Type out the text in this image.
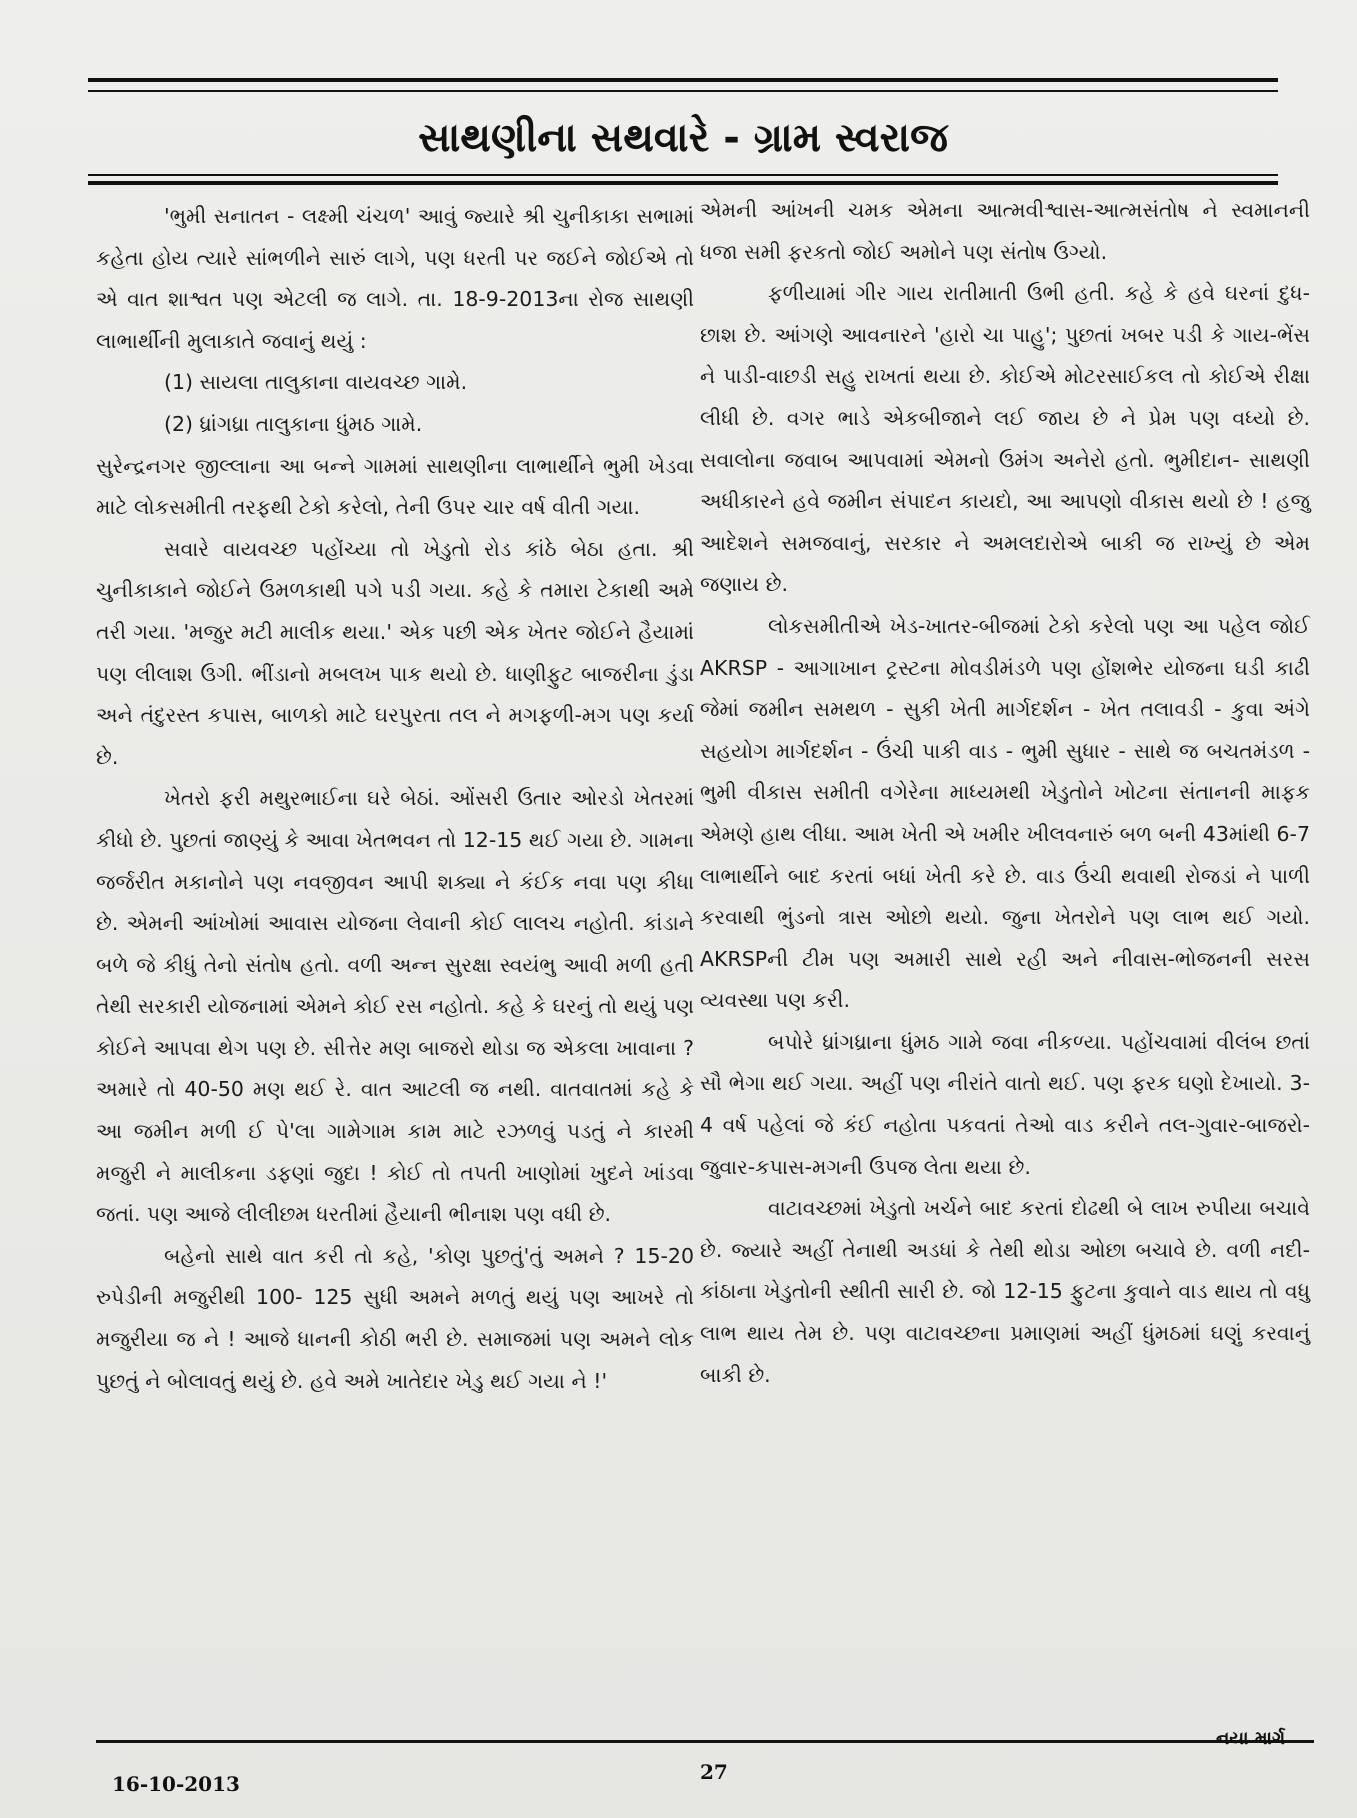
સાથણીના સથવારે - ગ્રામ સ્વરાજ

'ભુમી સનાતન - લક્ષ્મી ચંચળ' આવું જ્યારે શ્રી ચુનીકાકા સભામાં કહેતા હોય ત્યારે સાંભળીને સારું લાગે, પણ ધરતી પર જઈને જોઈએ તો એ વાત શાશ્વત પણ એટલી જ લાગે. તા. 18-9-2013ના રોજ સાથણી લાભાર્થીની મુલાકાતે જવાનું થયું :

(1) સાયલા તાલુકાના વાયવચ્છ ગામે.

(2) ધ્રાંગધ્રા તાલુકાના ધુંમઠ ગામે.

સુરેન્દ્રનગર જીલ્લાના આ બન્ને ગામમાં સાથણીના લાભાર્થીને ભુમી ખેડવા માટે લોકસમીતી તરફથી ટેકો કરેલો, તેની ઉપર ચાર વર્ષ વીતી ગયા.

સવારે વાયવચ્છ પહોંચ્યા તો ખેડુતો રોડ કાંઠે બેઠા હતા. શ્રી ચુનીકાકાને જોઈને ઉમળકાથી પગે પડી ગયા. કહે કે તમારા ટેકાથી અમે તરી ગયા. 'મજુર મટી માલીક થયા.' એક પછી એક ખેતર જોઈને હૈયામાં પણ લીલાશ ઉગી. ભીંડાનો મબલખ પાક થયો છે. ધાણીફુટ બાજરીના ડુંડા અને તંદુરસ્ત કપાસ, બાળકો માટે ઘરપુરતા તલ ને મગફળી-મગ પણ કર્યા છે.

ખેતરો ફરી મથુરભાઈના ઘરે બેઠાં. ઓંસરી ઉતાર ઓરડો ખેતરમાં કીધો છે. પુછતાં જાણ્યું કે આવા ખેતભવન તો 12-15 થઈ ગયા છે. ગામના જર્જરીત મકાનોને પણ નવજીવન આપી શક્યા ને કંઈક નવા પણ કીધા છે. એમની આંખોમાં આવાસ યોજના લેવાની કોઈ લાલચ નહોતી. કાંડાને બળે જે કીધું તેનો સંતોષ હતો. વળી અન્ન સુરક્ષા સ્વયંભુ આવી મળી હતી તેથી સરકારી યોજનામાં એમને કોઈ રસ નહોતો. કહે કે ઘરનું તો થયું પણ કોઈને આપવા થેગ પણ છે. સીત્તેર મણ બાજરો થોડા જ એકલા ખાવાના ? અમારે તો 40-50 મણ થઈ રે. વાત આટલી જ નથી. વાતવાતમાં કહે કે આ જમીન મળી ઈ પે'લા ગામેગામ કામ માટે રઝળવું પડતું ને કારમી મજુરી ને માલીકના ડફણાં જુદા ! કોઈ તો તપતી ખાણોમાં ખુદને ખાંડવા જતાં. પણ આજે લીલીછમ ધરતીમાં હૈયાની ભીનાશ પણ વધી છે.

બહેનો સાથે વાત કરી તો કહે, 'કોણ પુછતું'તું અમને ? 15-20 રુપેડીની મજુરીથી 100- 125 સુધી અમને મળતું થયું પણ આખરે તો મજુરીયા જ ને ! આજે ધાનની કોઠી ભરી છે. સમાજમાં પણ અમને લોક પુછતું ને બોલાવતું થયું છે. હવે અમે ખાતેદાર ખેડુ થઈ ગયા ને !'

એમની આંખની ચમક એમના આત્મવીશ્વાસ-આત્મસંતોષ ને સ્વમાનની ધજા સમી ફરકતો જોઈ અમોને પણ સંતોષ ઉગ્યો.

ફળીયામાં ગીર ગાય રાતીમાતી ઉભી હતી. કહે કે હવે ઘરનાં દુધ-છાશ છે. આંગણે આવનારને 'હારો ચા પાહુ'; પુછતાં ખબર પડી કે ગાય-ભેંસ ને પાડી-વાછડી સહુ રાખતાં થયા છે. કોઈએ મોટરસાઈકલ તો કોઈએ રીક્ષા લીધી છે. વગર ભાડે એકબીજાને લઈ જાય છે ને પ્રેમ પણ વધ્યો છે. સવાલોના જવાબ આપવામાં એમનો ઉમંગ અનેરો હતો. ભુમીદાન- સાથણી અધીકારને હવે જમીન સંપાદન કાયદો, આ આપણો વીકાસ થયો છે ! હજુ આદેશને સમજવાનું, સરકાર ને અમલદારોએ બાકી જ રાખ્યું છે એમ જણાય છે.

લોકસમીતીએ ખેડ-ખાતર-બીજમાં ટેકો કરેલો પણ આ પહેલ જોઈ AKRSP - આગાખાન ટ્રસ્ટના મોવડીમંડળે પણ હોંશભેર યોજના ઘડી કાઢી જેમાં જમીન સમથળ - સુકી ખેતી માર્ગદર્શન - ખેત તલાવડી - કુવા અંગે સહયોગ માર્ગદર્શન - ઉંચી પાકી વાડ - ભુમી સુધાર - સાથે જ બચતમંડળ - ભુમી વીકાસ સમીતી વગેરેના માધ્યમથી ખેડુતોને ખોટના સંતાનની માફક એમણે હાથ લીધા. આમ ખેતી એ ખમીર ખીલવનારું બળ બની 43માંથી 6-7 લાભાર્થીને બાદ કરતાં બધાં ખેતી કરે છે. વાડ ઉંચી થવાથી રોજડાં ને પાળી કરવાથી ભુંડનો ત્રાસ ઓછો થયો. જુના ખેતરોને પણ લાભ થઈ ગયો. AKRSPની ટીમ પણ અમારી સાથે રહી અને નીવાસ-ભોજનની સરસ વ્યવસ્થા પણ કરી.

બપોરે ધ્રાંગધ્રાના ધુંમઠ ગામે જવા નીકળ્યા. પહોંચવામાં વીલંબ છતાં સૌ ભેગા થઈ ગયા. અહીં પણ નીરાંતે વાતો થઈ. પણ ફરક ઘણો દેખાયો. 3-4 વર્ષ પહેલાં જે કંઈ નહોતા પકવતાં તેઓ વાડ કરીને તલ-ગુવાર-બાજરો-જુવાર-કપાસ-મગની ઉપજ લેતા થયા છે.

વાટાવચ્છમાં ખેડુતો ખર્ચને બાદ કરતાં દોઢથી બે લાખ રુપીયા બચાવે છે. જ્યારે અહીં તેનાથી અડધાં કે તેથી થોડા ઓછા બચાવે છે. વળી નદી-કાંઠાના ખેડુતોની સ્થીતી સારી છે. જો 12-15 ફુટના કુવાને વાડ થાય તો વધુ લાભ થાય તેમ છે. પણ વાટાવચ્છના પ્રમાણમાં અહીં ધુંમઠમાં ઘણું કરવાનું બાકી છે.

16-10-2013	27
નયા માર્ગ
